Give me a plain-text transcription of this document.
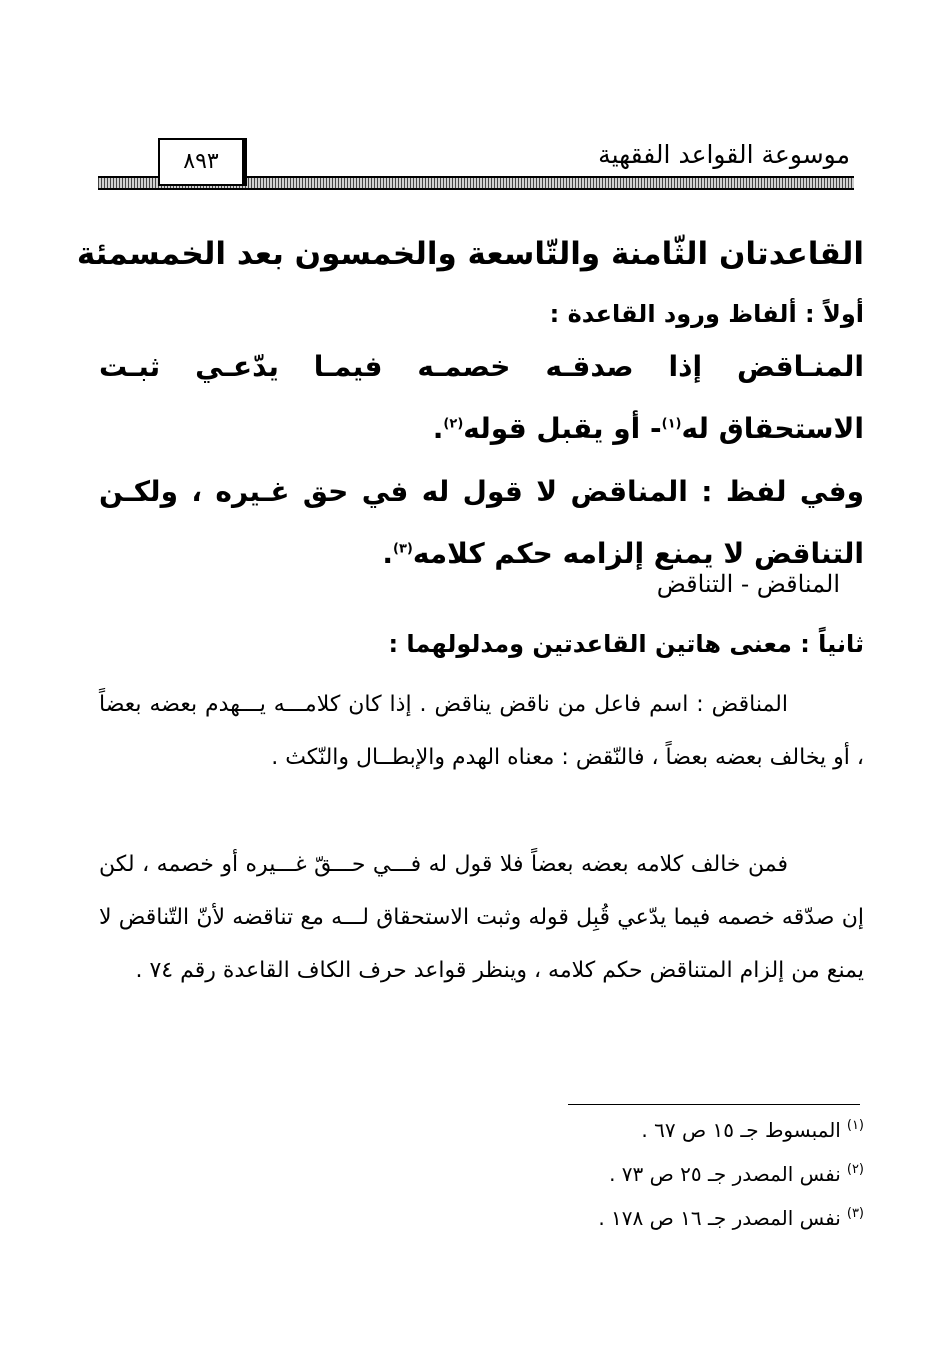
موسوعة القواعد الفقهية
٨٩٣
القاعدتان الثّامنة والتّاسعة والخمسون بعد الخمسمئة
أولاً : ألفاظ ورود القاعدة :
المنـاقض إذا صدقـه خصمـه فيمـا يدّعـي ثبـت الاستحقاق له$^{(١)}$- أو يقبل قوله$^{(٢)}$.
وفي لفظ : المناقض لا قول له في حق غـيره ، ولكـن التناقض لا يمنع إلزامه حكم كلامه$^{(٣)}$.
المناقض - التناقض
ثانياً : معنى هاتين القاعدتين ومدلولهما :
المناقض : اسم فاعل من ناقض يناقض . إذا كان كلامـــه يـــهدم بعضه بعضاً ، أو يخالف بعضه بعضاً ، فالنّقض : معناه الهدم والإبطــال والنّكث .
فمن خالف كلامه بعضه بعضاً فلا قول له فـــي حـــقّ غـــيره أو خصمه ، لكن إن صدّقه خصمه فيما يدّعي قُبِل قوله وثبت الاستحقاق لـــه مع تناقضه لأنّ التّناقض لا يمنع من إلزام المتناقض حكم كلامه ، وينظر قواعد حرف الكاف القاعدة رقم ٧٤ .
(١)
المبسوط جـ ١٥ ص ٦٧ .
(٢)
نفس المصدر جـ ٢٥ ص ٧٣ .
(٣)
نفس المصدر جـ ١٦ ص ١٧٨ .
